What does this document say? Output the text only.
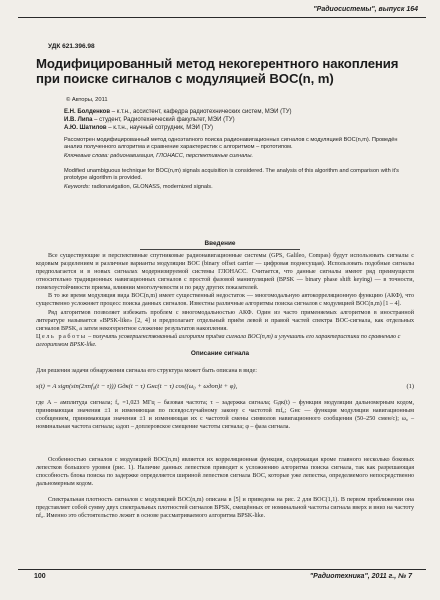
"Радиосистемы", выпуск 164
УДК 621.396.98
Модифицированный метод некогерентного накопления при поиске сигналов с модуляцией BOC(n, m)
© Авторы, 2011
Е.Н. Болденков – к.т.н., ассистент, кафедра радиотехнических систем, МЭИ (ТУ)
И.В. Липа – студент, Радиотехнический факультет, МЭИ (ТУ)
А.Ю. Шатилов – к.т.н., научный сотрудник, МЭИ (ТУ)
Рассмотрен модифицированный метод одноэтапного поиска радионавигационных сигналов с модуляцией BOC(n,m). Проведён анализ полученного алгоритма и сравнение характеристик с алгоритмом – прототипом.
Ключевые слова: радионавигация, ГЛОНАСС, перспективные сигналы.
Modified unambiguous technique for BOC(n,m) signals acquisition is considered. The analysis of this algorithm and comparison with it's prototype algorithm is provided.
Keywords: radionavigation, GLONASS, modernized signals.
Введение
Все существующие и перспективные спутниковые радионавигационные системы (GPS, Galileo, Compas) будут использовать сигналы с кодовым разделением и различные варианты модуляции BOC (binary offset carrier — цифровая поднесущая). Использовать подобные сигналы предполагается и в новых сигналах модернизируемой системы ГЛОНАСС. Считается, что данные сигналы имеют ряд преимуществ относительно традиционных навигационных сигналов с простой фазовой манипуляцией (BPSK — binary phase shift keying) — в точности, помехоустойчивости приема, влиянии многолучевости и по ряду других показателей.
В то же время модуляция вида BOC(n,m) имеет существенный недостаток — многомодальную автокорреляционную функцию (АКФ), что существенно усложняет процесс поиска данных сигналов. Известны различные алгоритмы поиска сигналов с модуляцией BOC(n,m) [1 – 4].
Ряд алгоритмов позволяет избежать проблем с многомодальностью АКФ. Один из часто применяемых алгоритмов в иностранной литературе называется «BPSK-like» [2, 4] и предполагает отдельный приём левой и правой частей спектра BOC-сигнала, как отдельных сигналов BPSK, а затем некогерентное сложение результатов накопления.
Цель работы – получить усовершенствованный алгоритм приёма сигнала BOC(n,m) и улучшить его характеристики по сравнению с алгоритмом BPSK-like.
Описание сигнала
Для решения задачи обнаружения сигнала его структура может быть описана в виде:
s(t) = A sign(sin(2πnf₀(t − τ))) Gдк(t − τ) Gнс(t − τ) cos((ω₀ + ωдоп)t + φ),	(1)
где A – амплитуда сигнала; f₀ =1,023 МГц – базовая частота; τ – задержка сигнала; Gдк(t) – функция модуляции дальномерным кодом, принимающая значения ±1 и изменяющая по псевдослучайному закону с частотой mf₀; Gнс — функция модуляции навигационным сообщением, принимающая значения ±1 и изменяющая их с частотой смены символов навигационного сообщения (50–250 смен/с); ω₀ – номинальная частота сигнала; ωдоп – доплеровское смещение частоты сигнала; φ – фаза сигнала.
Особенностью сигналов с модуляцией BOC(n,m) является их корреляционная функция, содержащая кроме главного несколько боковых лепестков большого уровня (рис. 1). Наличие данных лепестков приводит к усложнению алгоритма поиска сигнала, так как разрешающая способность блока поиска по задержке определяется шириной лепестков сигнала BOC, которые уже лепестка, определяемого непосредственно дальномерным кодом.
Спектральная плотность сигналов с модуляцией BOC(n,m) описана в [5] и приведена на рис. 2 для BOC(1,1). В первом приближении она представляет собой сумму двух спектральных плотностей сигналов BPSK, смещённых от номинальной частоты сигнала вверх и вниз на частоту nf₀. Именно это обстоятельство лежит в основе рассматриваемого алгоритма BPSK-like.
100	"Радиотехника", 2011 г., № 7
